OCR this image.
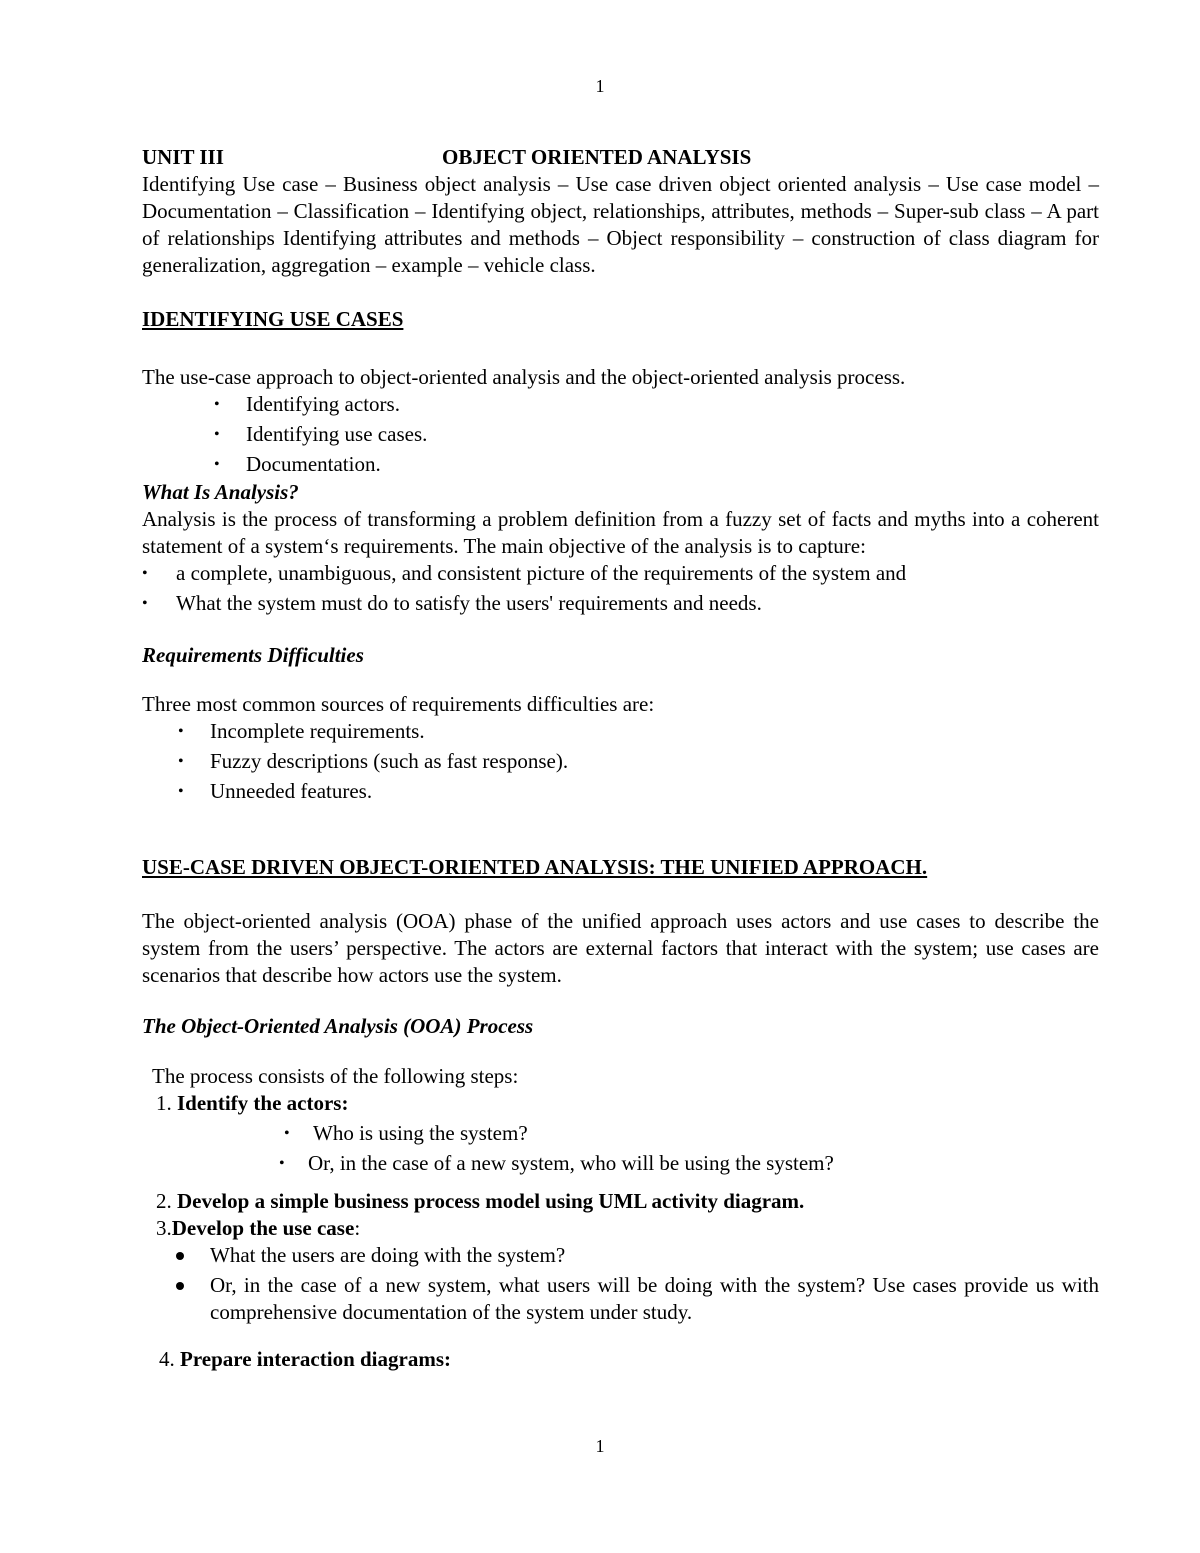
1
UNIT III	OBJECT ORIENTED ANALYSIS

Identifying Use case – Business object analysis – Use case driven object oriented analysis – Use case model – Documentation – Classification – Identifying object, relationships, attributes, methods – Super-sub class – A part of relationships Identifying attributes and methods – Object responsibility – construction of class diagram for generalization, aggregation – example – vehicle class.

IDENTIFYING USE CASES

The use-case approach to object-oriented analysis and the object-oriented analysis process.

• Identifying actors.
• Identifying use cases.
• Documentation.

What Is Analysis?

Analysis is the process of transforming a problem definition from a fuzzy set of facts and myths into a coherent statement of a system‘s requirements. The main objective of the analysis is to capture:

• a complete, unambiguous, and consistent picture of the requirements of the system and
• What the system must do to satisfy the users' requirements and needs.

Requirements Difficulties

Three most common sources of requirements difficulties are:

• Incomplete requirements.
• Fuzzy descriptions (such as fast response).
• Unneeded features.

USE-CASE DRIVEN OBJECT-ORIENTED ANALYSIS: THE UNIFIED APPROACH.

The object-oriented analysis (OOA) phase of the unified approach uses actors and use cases to describe the system from the users’ perspective. The actors are external factors that interact with the system; use cases are scenarios that describe how actors use the system.

The Object-Oriented Analysis (OOA) Process

The process consists of the following steps:

1. Identify the actors:

• Who is using the system?
• Or, in the case of a new system, who will be using the system?

2. Develop a simple business process model using UML activity diagram.

3.Develop the use case:

What the users are doing with the system?
Or, in the case of a new system, what users will be doing with the system? Use cases provide us with comprehensive documentation of the system under study.

4. Prepare interaction diagrams:

1
